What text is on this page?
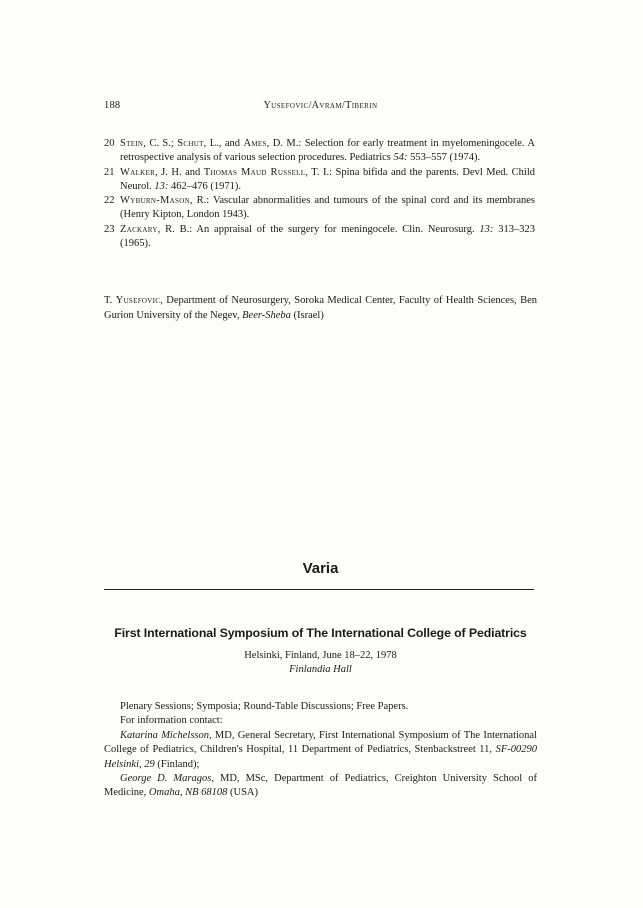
188	Yusefovic/Avram/Tiberin

20 Stein, C. S.; Schut, L., and Ames, D. M.: Selection for early treatment in myelomeningocele. A retrospective analysis of various selection procedures. Pediatrics 54: 553–557 (1974).

21 Walker, J. H. and Thomas Maud Russell, T. I.: Spina bifida and the parents. Devl Med. Child Neurol. 13: 462–476 (1971).

22 Wyburn-Mason, R.: Vascular abnormalities and tumours of the spinal cord and its membranes (Henry Kipton, London 1943).

23 Zackary, R. B.: An appraisal of the surgery for meningocele. Clin. Neurosurg. 13: 313–323 (1965).

T. Yusefovic, Department of Neurosurgery, Soroka Medical Center, Faculty of Health Sciences, Ben Gurion University of the Negev, Beer-Sheba (Israel)
Varia
First International Symposium of The International College of Pediatrics
Helsinki, Finland, June 18–22, 1978
Finlandia Hall

Plenary Sessions; Symposia; Round-Table Discussions; Free Papers.

For information contact:

Katarina Michelsson, MD, General Secretary, First International Symposium of The International College of Pediatrics, Children's Hospital, 11 Department of Pediatrics, Stenbackstreet 11, SF-00290 Helsinki, 29 (Finland);

George D. Maragos, MD, MSc, Department of Pediatrics, Creighton University School of Medicine, Omaha, NB 68108 (USA)
